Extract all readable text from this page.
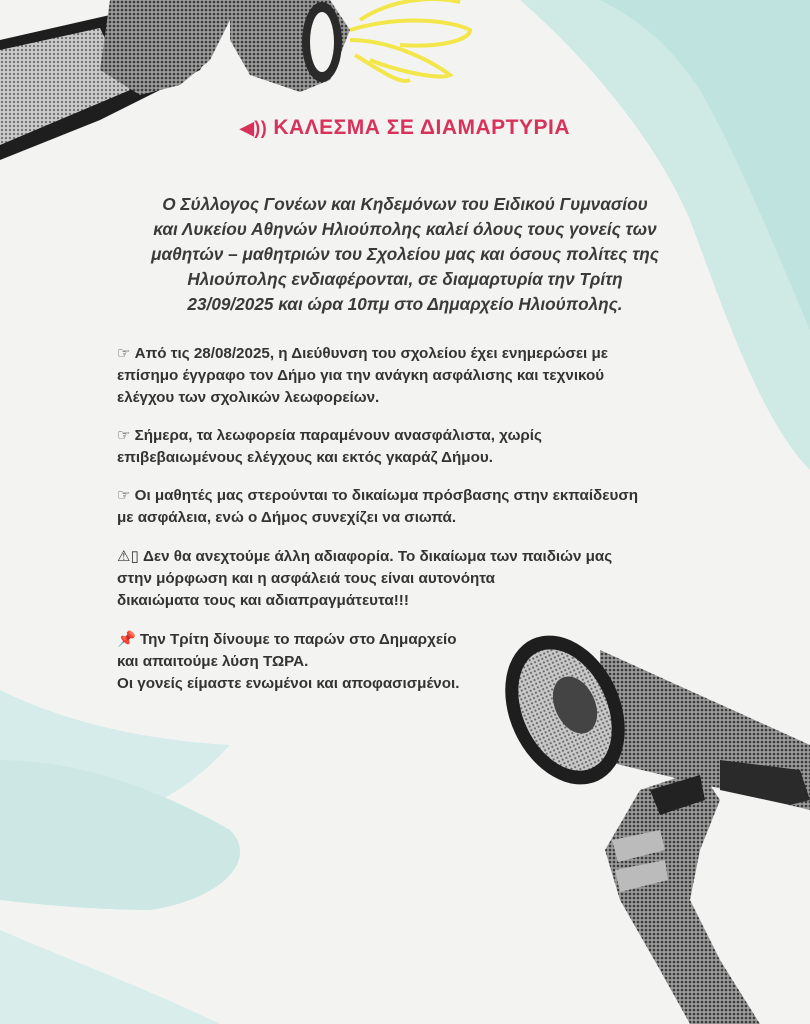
◀)) ΚΑΛΕΣΜΑ ΣΕ ΔΙΑΜΑΡΤΥΡΙΑ
Ο Σύλλογος Γονέων και Κηδεμόνων του Ειδικού Γυμνασίου
και Λυκείου Αθηνών Ηλιούπολης καλεί όλους τους γονείς των
μαθητών – μαθητριών του Σχολείου μας και όσους πολίτες της
Ηλιούπολης ενδιαφέρονται, σε διαμαρτυρία την Τρίτη
23/09/2025 και ώρα 10πμ στο Δημαρχείο Ηλιούπολης.
☞ Από τις 28/08/2025, η Διεύθυνση του σχολείου έχει ενημερώσει με
επίσημο έγγραφο τον Δήμο για την ανάγκη ασφάλισης και τεχνικού
ελέγχου των σχολικών λεωφορείων.
☞ Σήμερα, τα λεωφορεία παραμένουν ανασφάλιστα, χωρίς
επιβεβαιωμένους ελέγχους και εκτός γκαράζ Δήμου.
☞ Οι μαθητές μας στερούνται το δικαίωμα πρόσβασης στην εκπαίδευση
με ασφάλεια, ενώ ο Δήμος συνεχίζει να σιωπά.
⚠▯ Δεν θα ανεχτούμε άλλη αδιαφορία. Το δικαίωμα των παιδιών μας
στην μόρφωση και η ασφάλειά τους είναι αυτονόητα
δικαιώματα τους και αδιαπραγμάτευτα!!!
📌 Την Τρίτη δίνουμε το παρών στο Δημαρχείο
και απαιτούμε λύση ΤΩΡΑ.
Οι γονείς είμαστε ενωμένοι και αποφασισμένοι.
